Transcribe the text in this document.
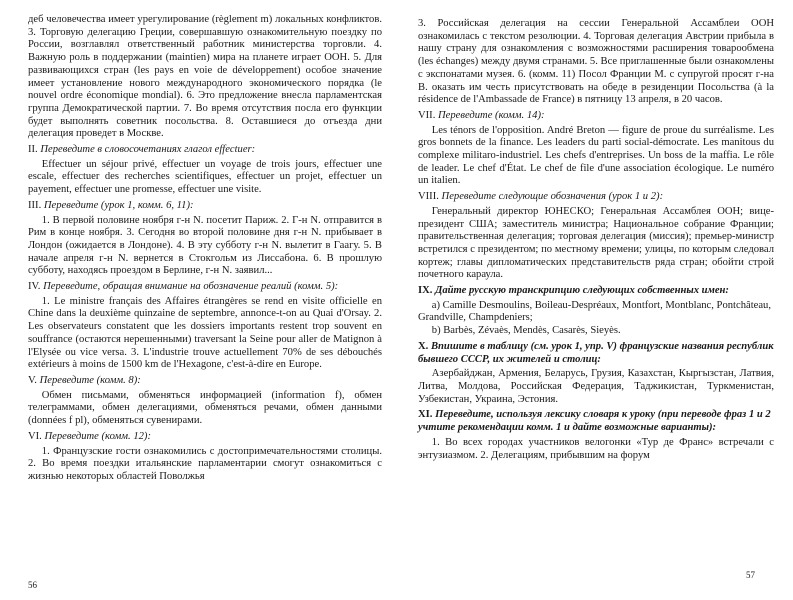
деб человечества имеет урегулирование (règlement m) локальных конфликтов. 3. Торговую делегацию Греции, совершавшую ознакомительную поездку по России, возглавлял ответственный работник министерства торговли. 4. Важную роль в поддержании (maintien) мира на планете играет ООН. 5. Для развивающихся стран (les pays en voie de développement) особое значение имеет установление нового международного экономического порядка (le nouvel ordre économique mondial). 6. Это предложение внесла парламентская группа Демократической партии. 7. Во время отсутствия посла его функции будет выполнять советник посольства. 8. Оставшиеся до отъезда дни делегация проведет в Москве.

II. Переведите в словосочетаниях глагол effectuer:

Effectuer un séjour privé, effectuer un voyage de trois jours, effectuer une escale, effectuer des recherches scientifiques, effectuer un projet, effectuer un payement, effectuer une promesse, effectuer une visite.

III. Переведите (урок 1, комм. 6, 11):

1. В первой половине ноября г-н N. посетит Париж. 2. Г-н N. отправится в Рим в конце ноября. 3. Сегодня во второй половине дня г-н N. прибывает в Лондон (ожидается в Лондоне). 4. В эту субботу г-н N. вылетит в Гаагу. 5. В начале апреля г-н N. вернется в Стокгольм из Лиссабона. 6. В прошлую субботу, находясь проездом в Берлине, г-н N. заявил...

IV. Переведите, обращая внимание на обозначение реалий (комм. 5):

1. Le ministre français des Affaires étrangères se rend en visite officielle en Chine dans la deuxième quinzaine de septembre, annonce-t-on au Quai d'Orsay. 2. Les observateurs constatent que les dossiers importants restent trop souvent en souffrance (остаются нерешенными) traversant la Seine pour aller de Matignon à l'Elysée ou vice versa. 3. L'industrie trouve actuellement 70% de ses débouchés extérieurs à moins de 1500 km de l'Hexagone, c'est-à-dire en Europe.

V. Переведите (комм. 8):

Обмен письмами, обменяться информацией (information f), обмен телеграммами, обмен делегациями, обменяться речами, обмен данными (données f pl), обменяться сувенирами.

VI. Переведите (комм. 12):

1. Французские гости ознакомились с достопримечательностями столицы. 2. Во время поездки итальянские парламентарии смогут ознакомиться с жизнью некоторых областей Поволжья

3. Российская делегация на сессии Генеральной Ассамблеи ООН ознакомилась с текстом резолюции. 4. Торговая делегация Австрии прибыла в нашу страну для ознакомления с возможностями расширения товарообмена (les échanges) между двумя странами. 5. Все приглашенные были ознакомлены с экспонатами музея. 6. (комм. 11) Посол Франции М. с супругой просят г-на В. оказать им честь присутствовать на обеде в резиденции Посольства (à la résidence de l'Ambassade de France) в пятницу 13 апреля, в 20 часов.

VII. Переведите (комм. 14):

Les ténors de l'opposition. André Breton — figure de proue du surréalisme. Les gros bonnets de la finance. Les leaders du parti social-démocrate. Les manitous du complexe militaro-industriel. Les chefs d'entreprises. Un boss de la maffia. Le rôle de leader. Le chef d'État. Le chef de file d'une association écologique. Le numéro un italien.

VIII. Переведите следующие обозначения (урок 1 и 2):

Генеральный директор ЮНЕСКО; Генеральная Ассамблея ООН; вице-президент США; заместитель министра; Национальное собрание Франции; правительственная делегация; торговая делегация (миссия); премьер-министр встретился с президентом; по местному времени; улицы, по которым следовал кортеж; главы дипломатических представительств ряда стран; обойти строй почетного караула.

IX. Дайте русскую транскрипцию следующих собственных имен:

a) Camille Desmoulins, Boileau-Despréaux, Montfort, Montblanc, Pontchâteau, Grandville, Champdeniers;

b) Barbès, Zévaès, Mendès, Casarès, Sieyès.

X. Впишите в таблицу (см. урок 1, упр. V) французские названия республик бывшего СССР, их жителей и столиц:

Азербайджан, Армения, Беларусь, Грузия, Казахстан, Кыргызстан, Латвия, Литва, Молдова, Российская Федерация, Таджикистан, Туркменистан, Узбекистан, Украина, Эстония.

XI. Переведите, используя лексику словаря к уроку (при переводе фраз 1 и 2 учтите рекомендации комм. 1 и дайте возможные варианты):

1. Во всех городах участников велогонки «Тур де Франс» встречали с энтузиазмом. 2. Делегациям, прибывшим на форум

56
57
